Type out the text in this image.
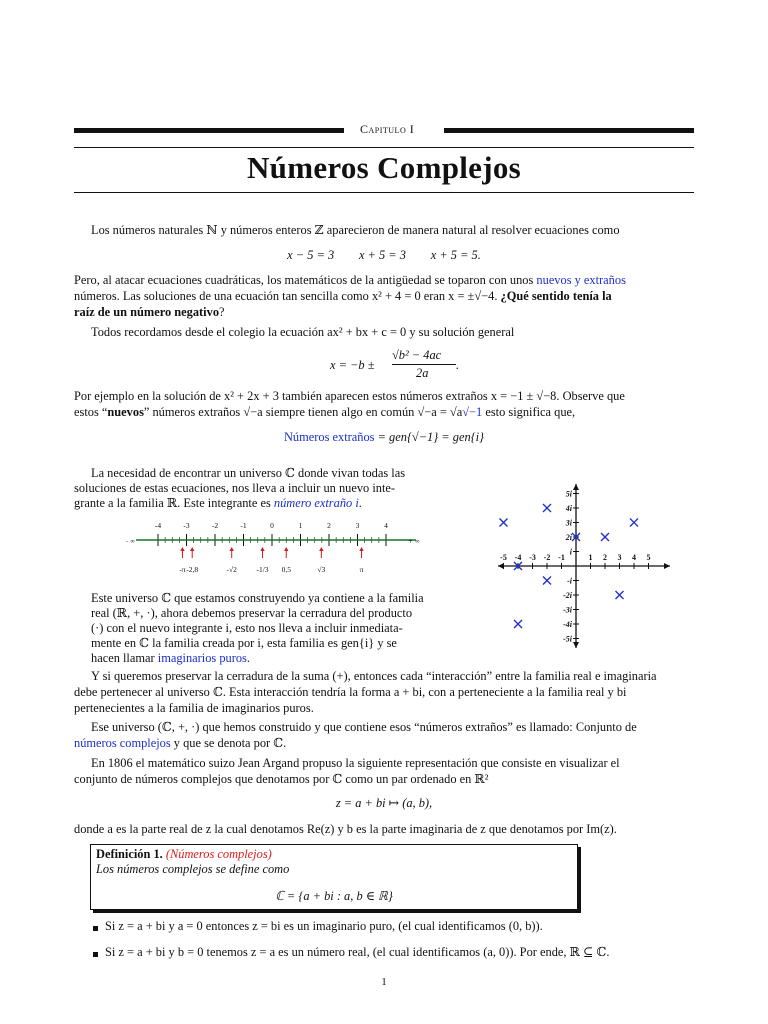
Capitulo I
Números Complejos
Los números naturales ℕ y números enteros ℤ aparecieron de manera natural al resolver ecuaciones como
x − 5 = 3        x + 5 = 3        x + 5 = 5.
Pero, al atacar ecuaciones cuadráticas, los matemáticos de la antigüedad se toparon con unos nuevos y extraños
números. Las soluciones de una ecuación tan sencilla como x² + 4 = 0 eran x = ±√−4. ¿Qué sentido tenía la
raíz de un número negativo?
Todos recordamos desde el colegio la ecuación ax² + bx + c = 0 y su solución general
x = −b ±
√b² − 4ac
2a
.
Por ejemplo en la solución de x² + 2x + 3 también aparecen estos números extraños x = −1 ± √−8. Observe que
estos “nuevos” números extraños √−a siempre tienen algo en común √−a = √a√−1 esto significa que,
Números extraños = gen{√−1} = gen{i}
La necesidad de encontrar un universo ℂ donde vivan todas las
soluciones de estas ecuaciones, nos lleva a incluir un nuevo inte-
grante a la familia ℝ. Este integrante es número extraño i.
-4	-3	-2	-1	0	1	2	3	4
- ∞	+ ∞
-π -2,8	-√2	-1/3 0,5	√3	π
-5 -4 -3 -2 -1	1 2 3 4 5
5i
4i
3i
2i
i
-i
-2i
-3i
-4i
-5i
Este universo ℂ que estamos construyendo ya contiene a la familia
real (ℝ, +, ·), ahora debemos preservar la cerradura del producto
(·) con el nuevo integrante i, esto nos lleva a incluir inmediata-
mente en ℂ la familia creada por i, esta familia es gen{i} y se
hacen llamar imaginarios puros.
Y si queremos preservar la cerradura de la suma (+), entonces cada “interacción” entre la familia real e imaginaria
debe pertenecer al universo ℂ. Esta interacción tendría la forma a + bi, con a perteneciente a la familia real y bi
pertenecientes a la familia de imaginarios puros.
Ese universo (ℂ, +, ·) que hemos construido y que contiene esos “números extraños” es llamado: Conjunto de
números complejos y que se denota por ℂ.
En 1806 el matemático suizo Jean Argand propuso la siguiente representación que consiste en visualizar el
conjunto de números complejos que denotamos por ℂ como un par ordenado en ℝ²
z = a + bi ↦ (a, b),
donde a es la parte real de z la cual denotamos Re(z) y b es la parte imaginaria de z que denotamos por Im(z).
Definición 1. (Números complejos)
Los números complejos se define como
ℂ = {a + bi : a, b ∈ ℝ}
Si z = a + bi y a = 0 entonces z = bi es un imaginario puro, (el cual identificamos (0, b)).
Si z = a + bi y b = 0 tenemos z = a es un número real, (el cual identificamos (a, 0)). Por ende, ℝ ⊆ ℂ.
1
